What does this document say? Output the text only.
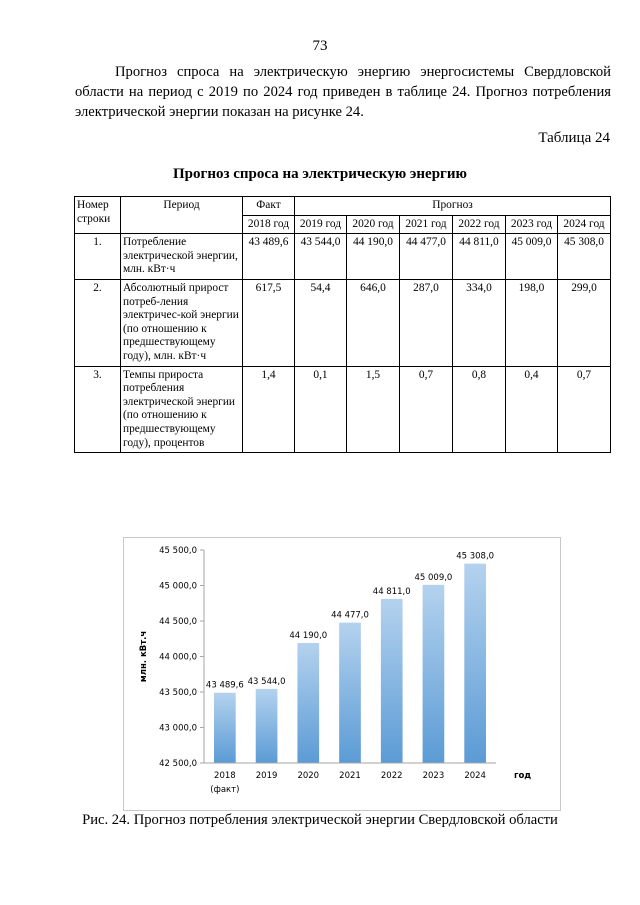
73

Прогноз спроса на электрическую энергию энергосистемы Свердловской области на период с 2019 по 2024 год приведен в таблице 24. Прогноз потребления электрической энергии показан на рисунке 24.

Таблица 24
Прогноз спроса на электрическую энергию
Номер строки	Период	Факт	Прогноз					
		2018 год	2019 год	2020 год	2021 год	2022 год	2023 год	2024 год
1.	Потребление электрической энергии, млн. кВт·ч	43 489,6	43 544,0	44 190,0	44 477,0	44 811,0	45 009,0	45 308,0
2.	Абсолютный прирост потреб-ления электричес-кой энергии (по отношению к предшествующему году), млн. кВт·ч	617,5	54,4	646,0	287,0	334,0	198,0	299,0
3.	Темпы прироста потребления электрической энергии (по отношению к предшествующему году), процентов	1,4	0,1	1,5	0,7	0,8	0,4	0,7
42 500,0
43 000,0
43 500,0
44 000,0
44 500,0
45 000,0
45 500,0
43 489,6 43 544,0
44 190,0
44 477,0
44 811,0
45 009,0
45 308,0
2018
(факт)
2019 2020 2021 2022 2023 2024
млн. кВт.ч
год
Рис. 24. Прогноз потребления электрической энергии Свердловской области
